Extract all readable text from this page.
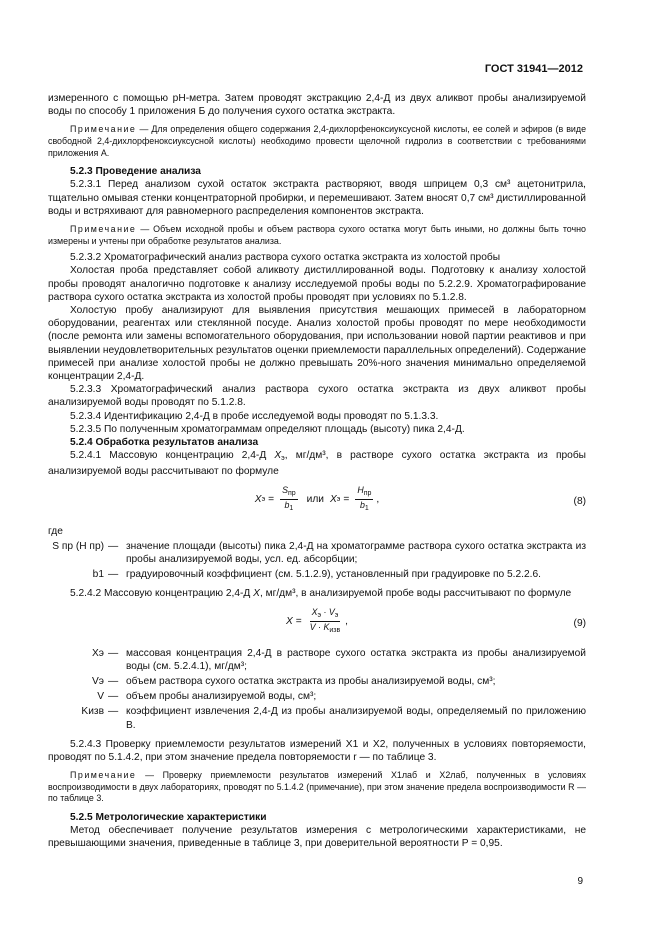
ГОСТ 31941—2012

измеренного с помощью рН-метра. Затем проводят экстракцию 2,4-Д из двух аликвот пробы анализируемой воды по способу 1 приложения Б до получения сухого остатка экстракта.

Примечание — Для определения общего содержания 2,4-дихлорфеноксиуксусной кислоты, ее солей и эфиров (в виде свободной 2,4-дихлорфеноксиуксусной кислоты) необходимо провести щелочной гидролиз в соответствии с требованиями приложения А.

5.2.3 Проведение анализа

5.2.3.1 Перед анализом сухой остаток экстракта растворяют, вводя шприцем 0,3 см³ ацетонитрила, тщательно омывая стенки концентраторной пробирки, и перемешивают. Затем вносят 0,7 см³ дистиллированной воды и встряхивают для равномерного распределения компонентов экстракта.

Примечание — Объем исходной пробы и объем раствора сухого остатка могут быть иными, но должны быть точно измерены и учтены при обработке результатов анализа.

5.2.3.2 Хроматографический анализ раствора сухого остатка экстракта из холостой пробы

Холостая проба представляет собой аликвоту дистиллированной воды. Подготовку к анализу холостой пробы проводят аналогично подготовке к анализу исследуемой пробы воды по 5.2.2.9. Хроматографирование раствора сухого остатка экстракта из холостой пробы проводят при условиях по 5.1.2.8.

Холостую пробу анализируют для выявления присутствия мешающих примесей в лабораторном оборудовании, реагентах или стеклянной посуде. Анализ холостой пробы проводят по мере необходимости (после ремонта или замены вспомогательного оборудования, при использовании новой партии реактивов и при выявлении неудовлетворительных результатов оценки приемлемости параллельных определений). Содержание примесей при анализе холостой пробы не должно превышать 20%-ного значения минимально определяемой концентрации 2,4-Д.

5.2.3.3 Хроматографический анализ раствора сухого остатка экстракта из двух аликвот пробы анализируемой воды проводят по 5.1.2.8.

5.2.3.4 Идентификацию 2,4-Д в пробе исследуемой воды проводят по 5.1.3.3.

5.2.3.5 По полученным хроматограммам определяют площадь (высоту) пика 2,4-Д.

5.2.4 Обработка результатов анализа

5.2.4.1 Массовую концентрацию 2,4-Д Xэ, мг/дм³, в растворе сухого остатка экстракта из пробы анализируемой воды рассчитывают по формуле

X $э = \frac{S_{пр}}{b_1}$ или X $э = \frac{H_{пр}}{b_1}$ ,	(8)
где
S пр (H пр) — значение площади (высоты) пика 2,4-Д на хроматограмме раствора сухого остатка экстракта из пробы анализируемой воды, усл. ед. абсорбции;
b1 — градуировочный коэффициент (см. 5.1.2.9), установленный при градуировке по 5.2.2.6.

5.2.4.2 Массовую концентрацию 2,4-Д X, мг/дм³, в анализируемой пробе воды рассчитывают по формуле

$X = \frac{X_э \cdot V_э}{V \cdot K_{изв}}$ ,	(9)
Xэ — массовая концентрация 2,4-Д в растворе сухого остатка экстракта из пробы анализируемой воды (см. 5.2.4.1), мг/дм³;
Vэ — объем раствора сухого остатка экстракта из пробы анализируемой воды, см³;
V — объем пробы анализируемой воды, см³;
Kизв — коэффициент извлечения 2,4-Д из пробы анализируемой воды, определяемый по приложению В.

5.2.4.3 Проверку приемлемости результатов измерений X1 и X2, полученных в условиях повторяемости, проводят по 5.1.4.2, при этом значение предела повторяемости r — по таблице 3.

Примечание — Проверку приемлемости результатов измерений X1лаб и X2лаб, полученных в условиях воспроизводимости в двух лабораториях, проводят по 5.1.4.2 (примечание), при этом значение предела воспроизводимости R — по таблице 3.

5.2.5 Метрологические характеристики

Метод обеспечивает получение результатов измерения с метрологическими характеристиками, не превышающими значения, приведенные в таблице 3, при доверительной вероятности P = 0,95.

9
